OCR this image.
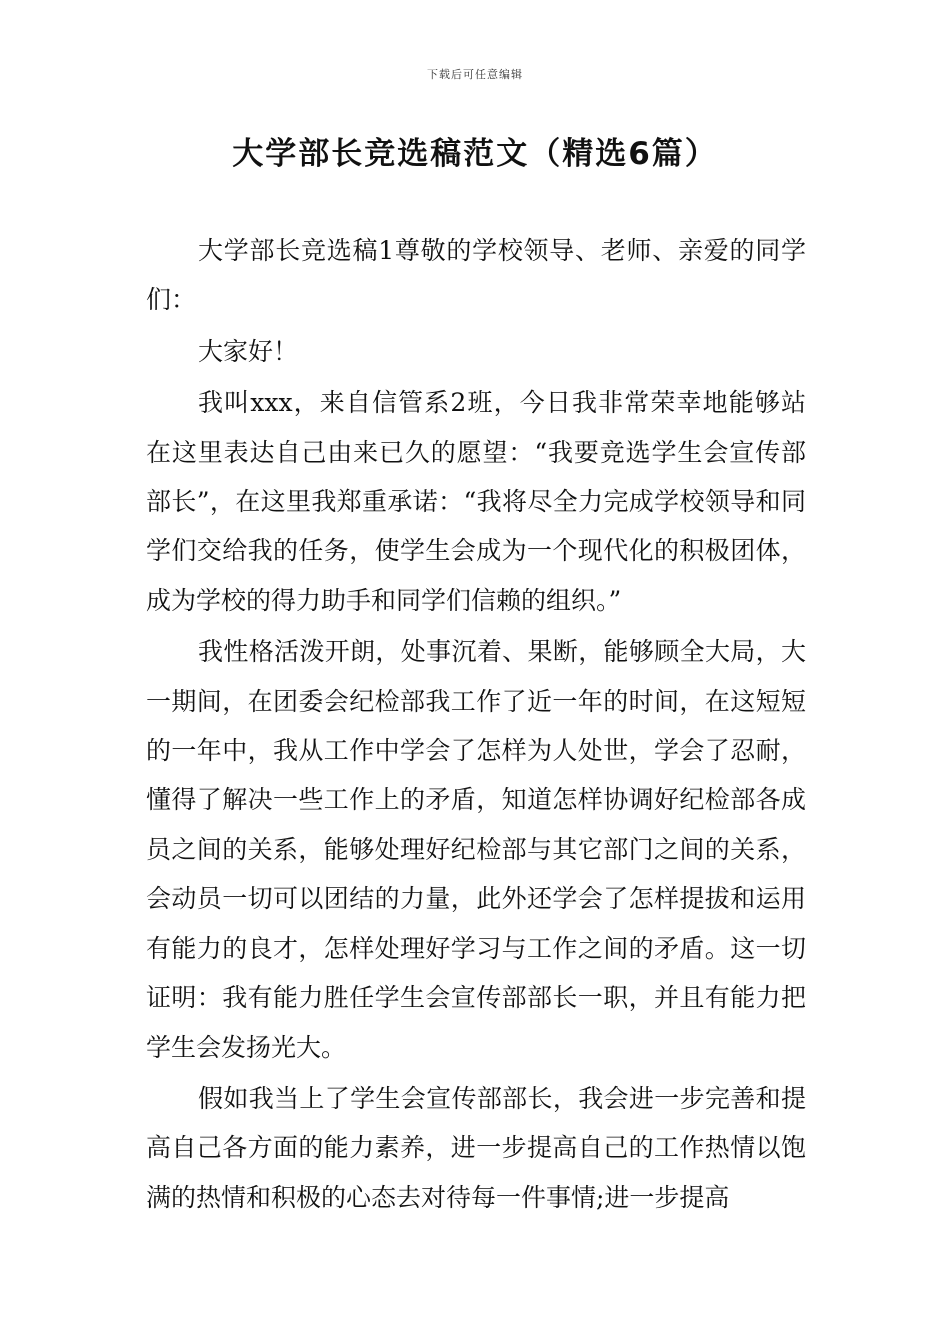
下载后可任意编辑
大学部长竞选稿范文（精选6篇）

大学部长竞选稿1尊敬的学校领导、老师、亲爱的同学们：

大家好！

我叫xxx，来自信管系2班，今日我非常荣幸地能够站在这里表达自己由来已久的愿望：“我要竞选学生会宣传部部长”，在这里我郑重承诺：“我将尽全力完成学校领导和同学们交给我的任务，使学生会成为一个现代化的积极团体，成为学校的得力助手和同学们信赖的组织。”

我性格活泼开朗，处事沉着、果断，能够顾全大局，大一期间，在团委会纪检部我工作了近一年的时间，在这短短的一年中，我从工作中学会了怎样为人处世，学会了忍耐，懂得了解决一些工作上的矛盾，知道怎样协调好纪检部各成员之间的关系，能够处理好纪检部与其它部门之间的关系，会动员一切可以团结的力量，此外还学会了怎样提拔和运用有能力的良才，怎样处理好学习与工作之间的矛盾。这一切证明：我有能力胜任学生会宣传部部长一职，并且有能力把学生会发扬光大。

假如我当上了学生会宣传部部长，我会进一步完善和提高自己各方面的能力素养，进一步提高自己的工作热情以饱满的热情和积极的心态去对待每一件事情;进一步提高
